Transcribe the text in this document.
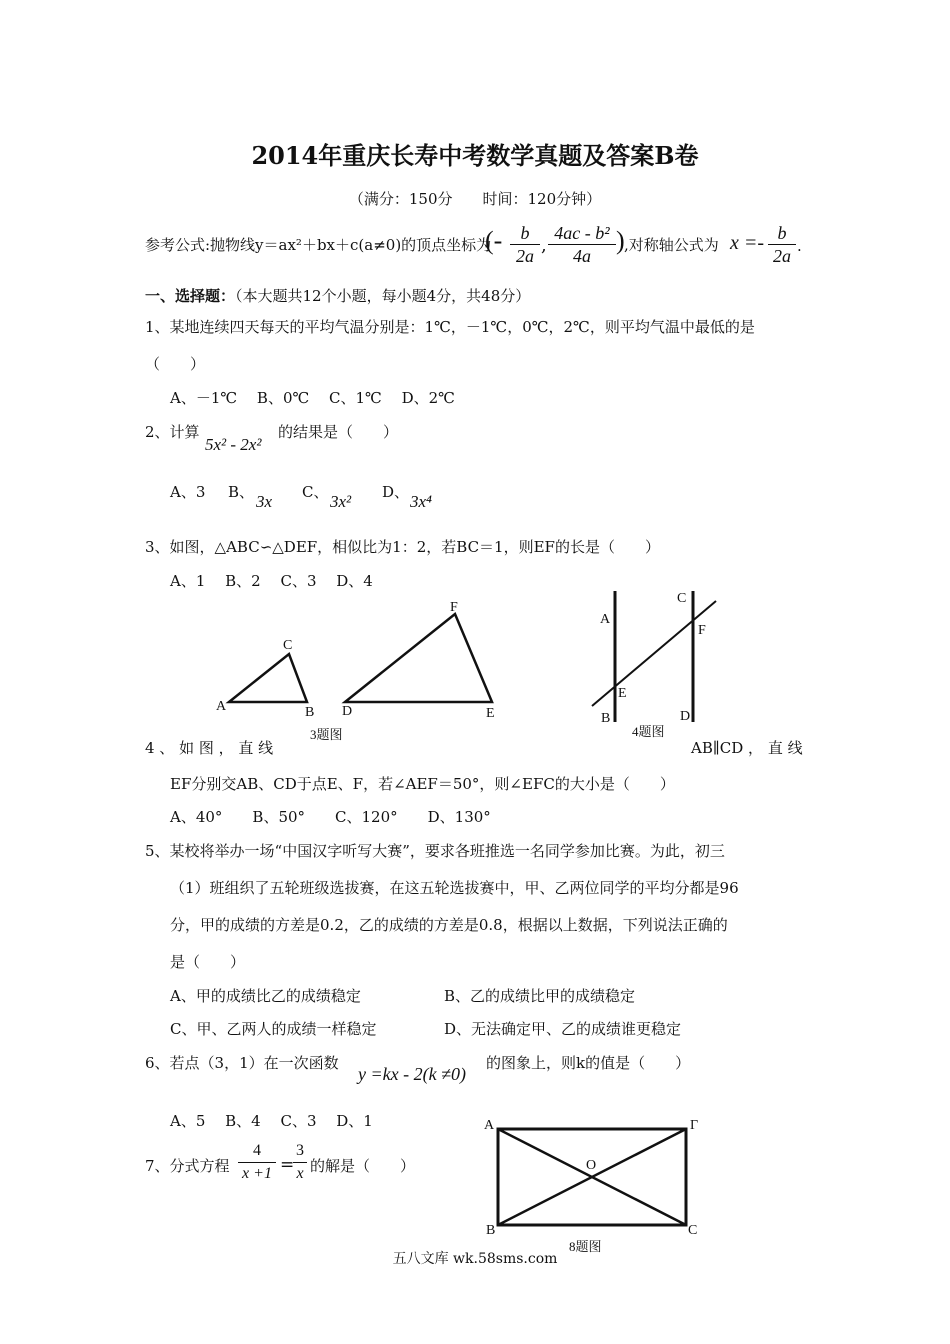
2014年重庆长寿中考数学真题及答案B卷
（满分：150分　　时间：120分钟）
参考公式:抛物线y＝ax²＋bx＋c(a≠0)的顶点坐标为
(- $\frac{b}{2a}$ , $\frac{\text{4ac - b²}}{4a}$ ) ,对称轴公式为 $x =- \frac{b}{2a}$ .
一、选择题：（本大题共12个小题，每小题4分，共48分）
1、某地连续四天每天的平均气温分别是：1℃，－1℃，0℃，2℃，则平均气温中最低的是
（　　）
A、－1℃　 B、0℃　 C、1℃　 D、2℃
2、计算
5x² - 2x²
的结果是（　　）
A、3 B、 3x C、 3x² D、 3x⁴
3、如图，△ABC∽△DEF，相似比为1：2，若BC＝1，则EF的长是（　　）
A、1　 B、2　 C、3　 D、4
A	B
C
D	E
F
3题图
A
B
C
D
E
F
4题图
4 、 如 图 ， 直 线	AB∥CD ， 直 线
EF分别交AB、CD于点E、F，若∠AEF＝50°，则∠EFC的大小是（　　）
A、40°　　B、50°　　C、120°　　D、130°
5、某校将举办一场“中国汉字听写大赛”，要求各班推选一名同学参加比赛。为此，初三
（1）班组织了五轮班级选拔赛，在这五轮选拔赛中，甲、乙两位同学的平均分都是96
分，甲的成绩的方差是0.2，乙的成绩的方差是0.8，根据以上数据，下列说法正确的
是（　　）
A、甲的成绩比乙的成绩稳定	B、乙的成绩比甲的成绩稳定
C、甲、乙两人的成绩一样稳定	D、无法确定甲、乙的成绩谁更稳定
6、若点（3，1）在一次函数
y =kx - 2(k ≠0)
的图象上，则k的值是（　　）
A、5　 B、4　 C、3　 D、1
7、分式方程 $\frac{4}{x +1}$ =
$\frac{3}{x}$ 的解是（　　）
A	Γ
O
B	C
8题图
五八文库 wk.58sms.com
